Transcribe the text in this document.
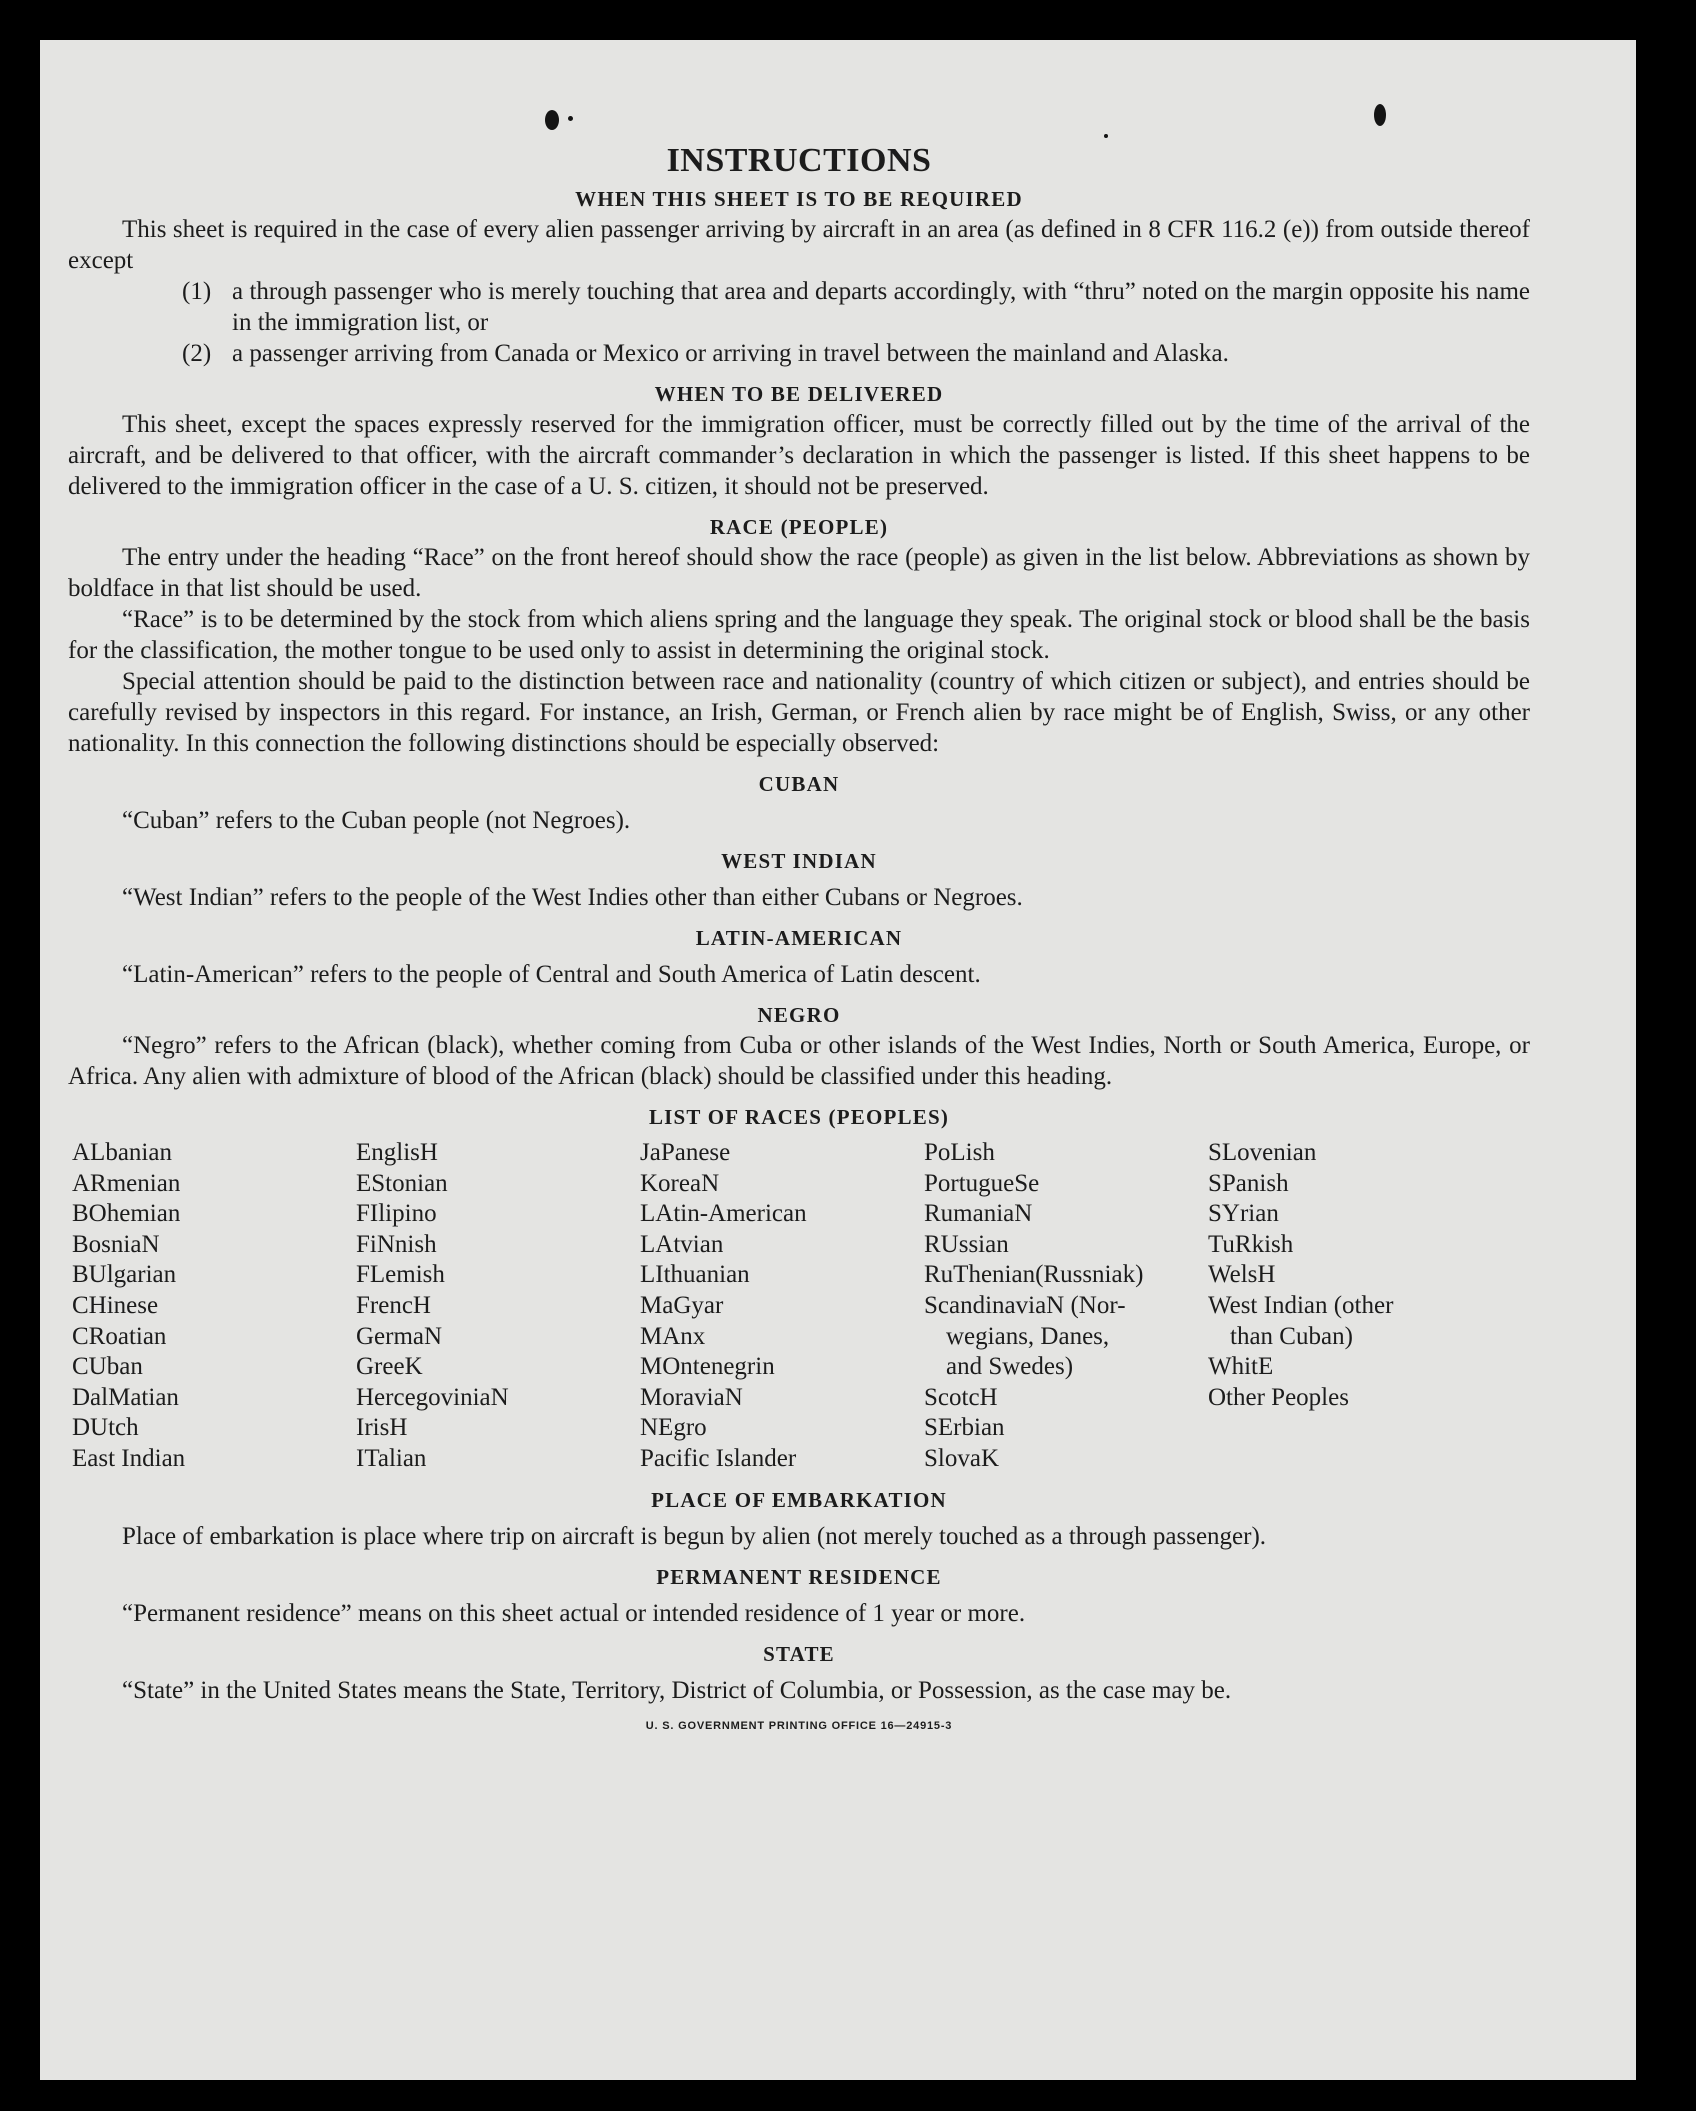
INSTRUCTIONS
WHEN THIS SHEET IS TO BE REQUIRED

This sheet is required in the case of every alien passenger arriving by aircraft in an area (as defined in 8 CFR 116.2 (e)) from outside thereof except

(1) a through passenger who is merely touching that area and departs accordingly, with “thru” noted on the margin opposite his name in the immigration list, or
(2) a passenger arriving from Canada or Mexico or arriving in travel between the mainland and Alaska.
WHEN TO BE DELIVERED

This sheet, except the spaces expressly reserved for the immigration officer, must be correctly filled out by the time of the arrival of the aircraft, and be delivered to that officer, with the aircraft commander’s declaration in which the passenger is listed. If this sheet happens to be delivered to the immigration officer in the case of a U. S. citizen, it should not be preserved.

RACE (PEOPLE)

The entry under the heading “Race” on the front hereof should show the race (people) as given in the list below. Abbreviations as shown by boldface in that list should be used.

“Race” is to be determined by the stock from which aliens spring and the language they speak. The original stock or blood shall be the basis for the classification, the mother tongue to be used only to assist in determining the original stock.

Special attention should be paid to the distinction between race and nationality (country of which citizen or subject), and entries should be carefully revised by inspectors in this regard. For instance, an Irish, German, or French alien by race might be of English, Swiss, or any other nationality. In this connection the following distinctions should be especially observed:

CUBAN

“Cuban” refers to the Cuban people (not Negroes).

WEST INDIAN

“West Indian” refers to the people of the West Indies other than either Cubans or Negroes.

LATIN-AMERICAN

“Latin-American” refers to the people of Central and South America of Latin descent.

NEGRO

“Negro” refers to the African (black), whether coming from Cuba or other islands of the West Indies, North or South America, Europe, or Africa. Any alien with admixture of blood of the African (black) should be classified under this heading.

LIST OF RACES (PEOPLES)
ALbanian
ARmenian
BOhemian
BosniaN
BUlgarian
CHinese
CRoatian
CUban
DalMatian
DUtch
East Indian
EnglisH
EStonian
FIlipino
FiNnish
FLemish
FrencH
GermaN
GreeK
HercegoviniaN
IrisH
ITalian
JaPanese
KoreaN
LAtin-American
LAtvian
LIthuanian
MaGyar
MAnx
MOntenegrin
MoraviaN
NEgro
Pacific Islander
PoLish
PortugueSe
RumaniaN
RUssian
RuThenian(Russniak)
ScandinaviaN (Nor-
wegians, Danes,
and Swedes)
ScotcH
SErbian
SlovaK
SLovenian
SPanish
SYrian
TuRkish
WelsH
West Indian (other
than Cuban)
WhitE
Other Peoples
PLACE OF EMBARKATION

Place of embarkation is place where trip on aircraft is begun by alien (not merely touched as a through passenger).

PERMANENT RESIDENCE

“Permanent residence” means on this sheet actual or intended residence of 1 year or more.

STATE

“State” in the United States means the State, Territory, District of Columbia, or Possession, as the case may be.

U. S. GOVERNMENT PRINTING OFFICE 16—24915-3
